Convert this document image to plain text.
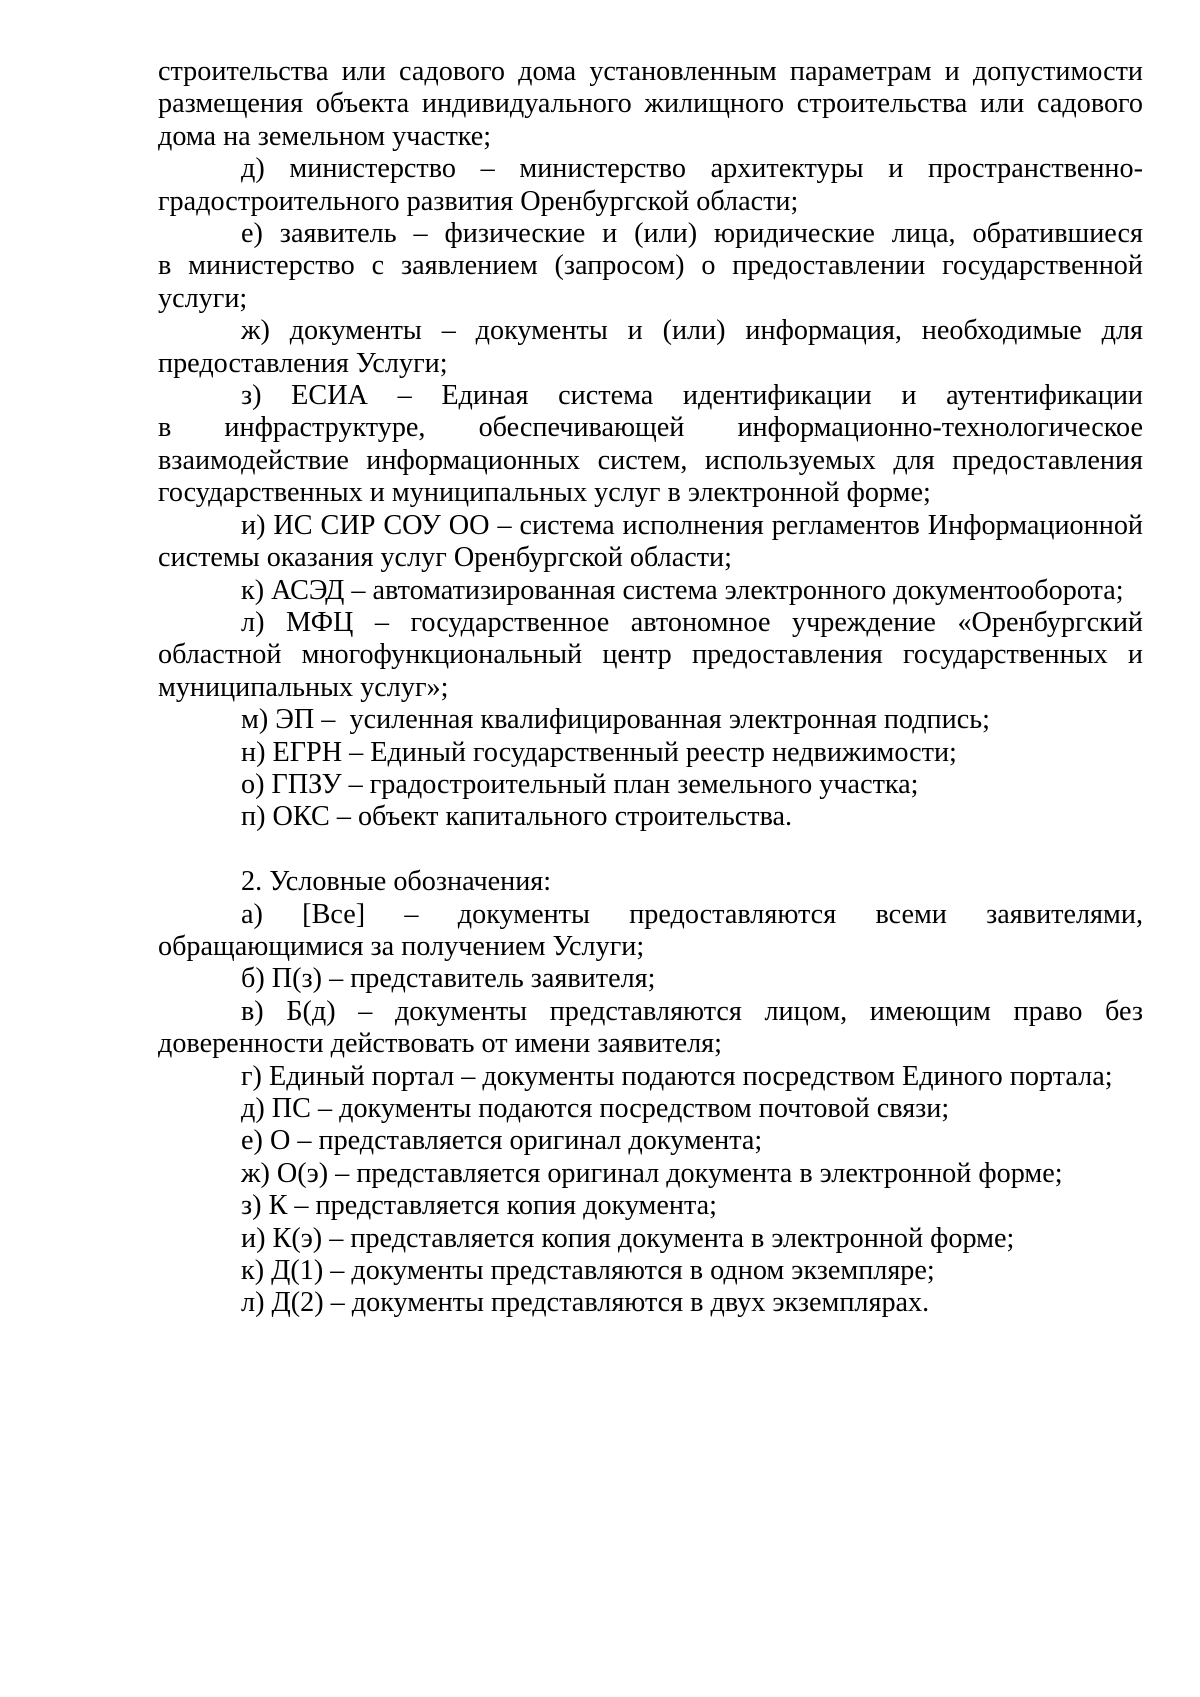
строительства или садового дома установленным параметрам и допустимости размещения объекта индивидуального жилищного строительства или садового дома на земельном участке;

д) министерство – министерство архитектуры и пространственно-градостроительного развития Оренбургской области;

е) заявитель – физические и (или) юридические лица, обратившиеся в министерство с заявлением (запросом) о предоставлении государственной услуги;

ж) документы – документы и (или) информация, необходимые для предоставления Услуги;

з) ЕСИА – Единая система идентификации и аутентификации в инфраструктуре, обеспечивающей информационно-технологическое взаимодействие информационных систем, используемых для предоставления государственных и муниципальных услуг в электронной форме;

и) ИС СИР СОУ ОО – система исполнения регламентов Информационной системы оказания услуг Оренбургской области;

к) АСЭД – автоматизированная система электронного документооборота;

л) МФЦ – государственное автономное учреждение «Оренбургский областной многофункциональный центр предоставления государственных и муниципальных услуг»;

м) ЭП –  усиленная квалифицированная электронная подпись;

н) ЕГРН – Единый государственный реестр недвижимости;

о) ГПЗУ – градостроительный план земельного участка;

п) ОКС – объект капитального строительства.

2. Условные обозначения:

а) [Все] – документы предоставляются всеми заявителями, обращающимися за получением Услуги;

б) П(з) – представитель заявителя;

в) Б(д) – документы представляются лицом, имеющим право без доверенности действовать от имени заявителя;

г) Единый портал – документы подаются посредством Единого портала;

д) ПС – документы подаются посредством почтовой связи;

е) О – представляется оригинал документа;

ж) О(э) – представляется оригинал документа в электронной форме;

з) К – представляется копия документа;

и) К(э) – представляется копия документа в электронной форме;

к) Д(1) – документы представляются в одном экземпляре;

л) Д(2) – документы представляются в двух экземплярах.
